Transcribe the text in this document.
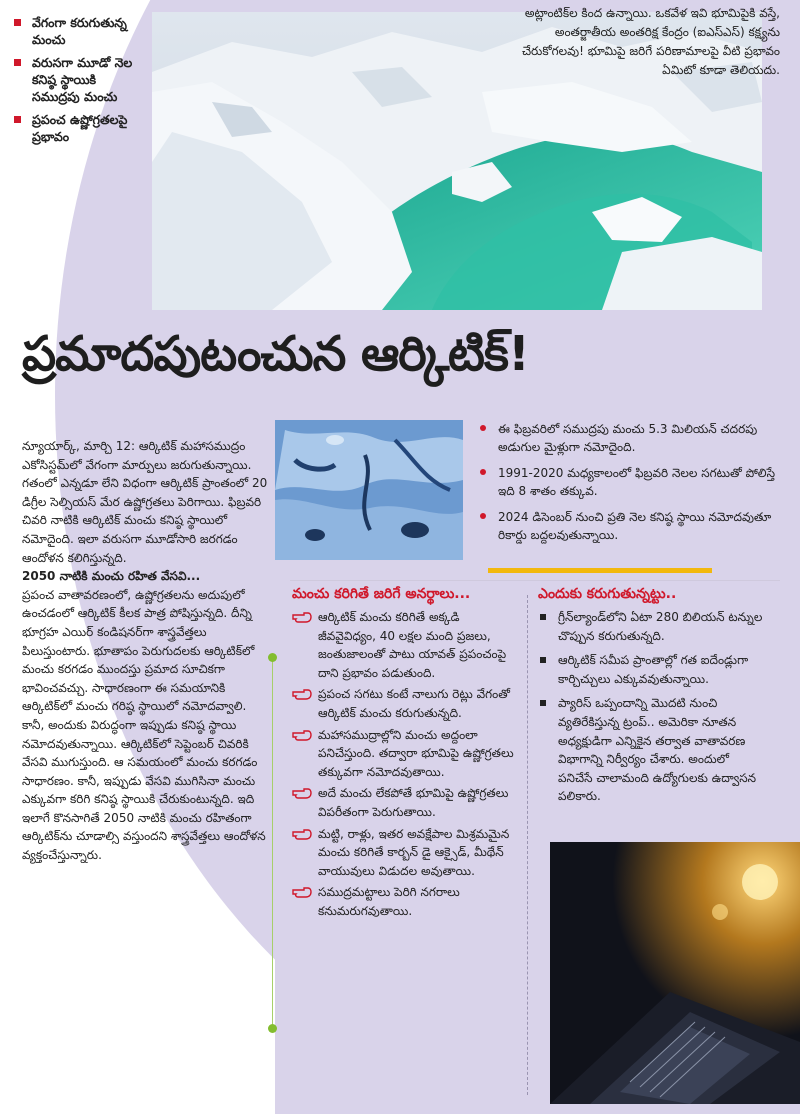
వేగంగా కరుగుతున్న మంచు
వరుసగా మూడో నెల కనిష్ఠ స్థాయికి సముద్రపు మంచు
ప్రపంచ ఉష్ణోగ్రతలపై ప్రభావం
అట్లాంటిక్‌ల కింద ఉన్నాయి. ఒకవేళ ఇవి భూమిపైకి వస్తే, అంతర్జాతీయ అంతరిక్ష కేంద్రం (ఐఎస్‌ఎస్‌) కక్ష్యను చేరుకోగలవు! భూమిపై జరిగే పరిణామాలపై వీటి ప్రభావం ఏమిటో కూడా తెలియదు.
ప్రమాదపుటంచున ఆర్కిటిక్‌!
ఈ ఫిబ్రవరిలో సముద్రపు మంచు 5.3 మిలియన్‌ చదరపు అడుగుల మైళ్లుగా నమోదైంది.
1991-2020 మధ్యకాలంలో ఫిబ్రవరి నెలల సగటుతో పోలిస్తే ఇది 8 శాతం తక్కువ.
2024 డిసెంబర్‌ నుంచి ప్రతి నెల కనిష్ఠ స్థాయి నమోదవుతూ రికార్డు బద్దలవుతున్నాయి.

న్యూయార్క్‌, మార్చి 12: ఆర్కిటిక్‌ మహాసముద్రం ఎకోసిస్టమ్‌లో వేగంగా మార్పులు జరుగుతున్నాయి. గతంలో ఎన్నడూ లేని విధంగా ఆర్కిటిక్‌ ప్రాంతంలో 20 డిగ్రీల సెల్సియస్‌ మేర ఉష్ణోగ్రతలు పెరిగాయి. ఫిబ్రవరి చివరి నాటికి ఆర్కిటిక్‌ మంచు కనిష్ఠ స్థాయిలో నమోదైంది. ఇలా వరుసగా మూడోసారి జరగడం ఆందోళన కలిగిస్తున్నది.

2050 నాటికి మంచు రహిత వేసవి...

ప్రపంచ వాతావరణంలో, ఉష్ణోగ్రతలను అదుపులో ఉంచడంలో ఆర్కిటిక్‌ కీలక పాత్ర పోషిస్తున్నది. దీన్ని భూగ్రహ ఎయిర్‌ కండిషనర్‌గా శాస్త్రవేత్తలు పిలుస్తుంటారు. భూతాపం పెరుగుదలకు ఆర్కిటిక్‌లో మంచు కరగడం ముందస్తు ప్రమాద సూచికగా భావించవచ్చు. సాధారణంగా ఈ సమయానికి ఆర్కిటిక్‌లో మంచు గరిష్ఠ స్థాయిలో నమోదవ్వాలి. కానీ, అందుకు విరుద్ధంగా ఇప్పుడు కనిష్ఠ స్థాయి నమోదవుతున్నాయి. ఆర్కిటిక్‌లో సెప్టెంబర్‌ చివరికి వేసవి ముగుస్తుంది. ఆ సమయంలో మంచు కరగడం సాధారణం. కానీ, ఇప్పుడు వేసవి ముగిసినా మంచు ఎక్కువగా కరిగి కనిష్ఠ స్థాయికి చేరుకుంటున్నది. ఇది ఇలాగే కొనసాగితే 2050 నాటికి మంచు రహితంగా ఆర్కిటిక్‌ను చూడాల్సి వస్తుందని శాస్త్రవేత్తలు ఆందోళన వ్యక్తంచేస్తున్నారు.

మంచు కరిగితే జరిగే అనర్థాలు...
ఆర్కిటిక్‌ మంచు కరిగితే అక్కడి జీవవైవిధ్యం, 40 లక్షల మంది ప్రజలు, జంతుజాలంతో పాటు యావత్‌ ప్రపంచంపై దాని ప్రభావం పడుతుంది.
ప్రపంచ సగటు కంటే నాలుగు రెట్లు వేగంతో ఆర్కిటిక్‌ మంచు కరుగుతున్నది.
మహాసముద్రాల్లోని మంచు అద్దంలా పనిచేస్తుంది. తద్వారా భూమిపై ఉష్ణోగ్రతలు తక్కువగా నమోదవుతాయి.
అదే మంచు లేకపోతే భూమిపై ఉష్ణోగ్రతలు విపరీతంగా పెరుగుతాయి.
మట్టి, రాళ్లు, ఇతర అవక్షేపాల మిశ్రమమైన మంచు కరిగితే కార్బన్‌ డై ఆక్సైడ్‌, మీథేన్‌ వాయువులు విడుదల అవుతాయి.
సముద్రమట్టాలు పెరిగి నగరాలు కనుమరుగవుతాయి.
ఎందుకు కరుగుతున్నట్టు..
గ్రీన్‌ల్యాండ్‌లోని ఏటా 280 బిలియన్‌ టన్నుల చొప్పున కరుగుతున్నది.
ఆర్కిటిక్‌ సమీప ప్రాంతాల్లో గత ఐదేండ్లుగా కార్చిచ్చులు ఎక్కువవుతున్నాయి.
ప్యారిస్‌ ఒప్పందాన్ని మొదటి నుంచి వ్యతిరేకిస్తున్న ట్రంప్‌.. అమెరికా నూతన అధ్యక్షుడిగా ఎన్నికైన తర్వాత వాతావరణ విభాగాన్ని నిర్వీర్యం చేశారు. అందులో పనిచేసే చాలామంది ఉద్యోగులకు ఉద్వాసన పలికారు.
